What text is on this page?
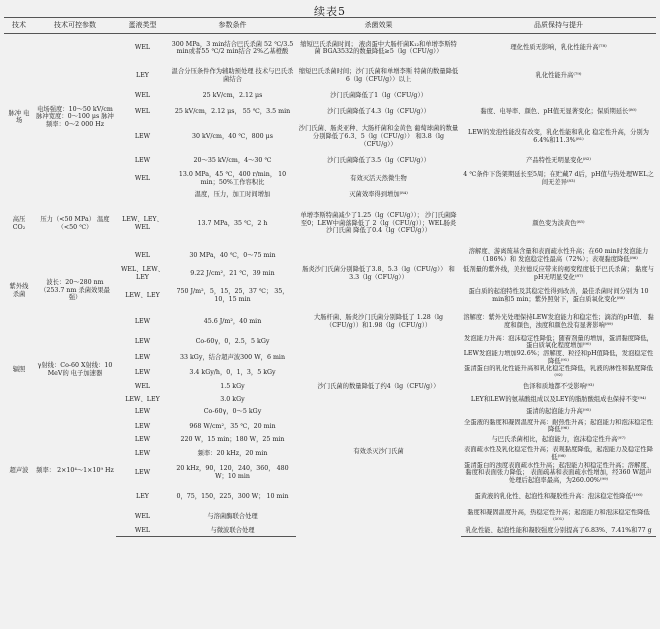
续表5
技术	技术可控参数	蛋液类型	参数条件	杀菌效果	品质保持与提升
脉冲 电场	电场强度：10～50 kV/cm 脉冲宽度：0～100 μs 脉冲频率：0～2 000 Hz	WEL	300 MPa，3 min结合巴氏杀菌 52 ℃/3.5 min或者55 ℃/2 min结合 2%乙基橙酸	缩短巴氏杀菌时间； 液卤蛋中大肠杆菌K₁₂和单增李斯特菌 BGA3532的数量降低≥5（lg（CFU/g））	理化性质无影响，乳化性能升高⁽⁷⁸⁾
		LEY	温合分压条件作为辅助预处理 技术与巴氏杀菌结合	缩短巴氏杀菌时间；沙门氏菌和单增李斯 特菌的数量降低6（lg（CFU/g））以上	乳化性能升高⁽⁷⁹⁾
		WEL	25 kV/cm，2.12 μs	沙门氏菌降低了1（lg（CFU/g））	
		WEL	25 kV/cm，2.12 μs， 55 ℃，3.5 min	沙门氏菌降低了4.3（lg（CFU/g））	黏度、电导率、颜色、pH值无显著变化；保质期延长⁽⁸⁰⁾
		LEW	30 kV/cm，40 ℃，800 μs	沙门氏菌、肠炎亚种、大肠杆菌和金黄色 葡萄球菌的数量分别降低了6.3、5（lg（CFU/g）） 和3.8（lg（CFU/g））	LEW的发泡性能没有改变，乳化性能和乳化 稳定性升高，分别为6.4%和11.3%⁽⁸¹⁾
		LEW	20～35 kV/cm，4～30 ℃	沙门氏菌降低了3.5（lg（CFU/g））	产品特性无明显变化⁽⁸²⁾
		WEL	13.0 MPa，45 ℃，400 r/min， 10 min；50%工作容积比	有效灭活天然微生物	4 ℃条件下货架期延长至5周；在贮藏7 d后，pH值与热处理WEL之间无差异⁽⁸³⁾
			温度，压力，加工时间增加	灭菌效率得到增加⁽⁸⁴⁾	
高压 CO₂	压力（<50 MPa） 温度（<50 ℃）	LEW、LEY、WEL	13.7 MPa，35 ℃，2 h	单增李斯特菌减少了1.25（lg（CFU/g））； 沙门氏菌降至0；LEW中菌落降低了 2（lg（CFU/g））；WEL肠炎沙门氏菌 降低了0.4（lg（CFU/g））	颜色变为淡黄色⁽⁸⁵⁾
紫外线 杀菌	波长：20～280 nm （253.7 nm 杀菌效果最强）	WEL	30 MPa，40 ℃，0～75 min		溶解度、游离巯基含量和表面疏水性升高；在60 min时发泡能力（186%）和 发泡稳定性最高（72%）；表观黏度降低⁽⁸⁶⁾
		WEL、LEW、LEY	9.22 J/cm²，21 ℃，39 min	肠炎沙门氏菌分别降低了3.8、5.3（lg（CFU/g）） 和3.3（lg（CFU/g））	低剂量的紫外线，美拉德反应带来的褐变程度低于巴氏杀菌； 黏度与pH无明显变化⁽⁸⁷⁾
		LEW、LEY	750 J/m²，5，15，25，37 ℃； 35，10，15 min		蛋白质的起泡特性及其稳定性得到改善，最佳杀菌时间分别为 10 min和5 min；紫外照射下，蛋白质氧化变化⁽⁸⁸⁾
		LEW	45.6 J/m²，40 min	大肠杆菌、肠炎沙门氏菌分别降低了 1.28（lg（CFU/g））和1.98（lg（CFU/g））	溶解度：紫外光处理保持LEW发泡能力和稳定性；滴消的pH值、 黏度和颜色，浊度和颜色没有显著影响⁽⁸⁹⁾
辐照	γ射线：Co-60 X射线：10 MeV的 电子加速器	LEW	Co-60γ，0，2.5，5 kGy		发泡能力升高：泡沫稳定性降低；随着剂量的增加，蛋清黏度降低，蛋白质氧化程度增加⁽⁹⁰⁾
		LEW	33 kGy，结合超声波300 W，6 min		LEW发泡能力增加92.6%；溶解度、粒径和pH值降低，发泡稳定性降低⁽⁹¹⁾
		LEW	3.4 kGy/h，0，1，3，5 kGy		蛋清蛋白的乳化性能升高和乳化稳定性降低，乳液的淋性和黏度降低⁽⁹²⁾
		WEL	1.5 kGy	沙门氏菌的数量降低了约4（lg（CFU/g））	色泽和质地都不受影响⁽⁹³⁾
		LEW、LEY	3.0 kGy		LEY和LEW的氨基酸组成以及LEY的脂肪酸组成也保持不变⁽⁹⁴⁾
超声波	频率： 2×10⁴～1×10⁹ Hz	LEW	Co-60γ，0～5 kGy		蛋清的起泡能力升高⁽⁹⁵⁾
		LEW	968 W/cm²，35 ℃，20 min	有效杀灭沙门氏菌	全蛋液的黏度和凝固温度升高：耐热性升高；起泡能力和泡沫稳定性降低⁽⁹⁶⁾
		LEW	220 W，15 min；180 W，25 min		与巴氏杀菌相比，起泡能力，泡沫稳定性升高⁽⁹⁷⁾
		LEW	频率：20 kHz，20 min		表面疏水性及乳化稳定性升高；表观黏度降低，起泡能力及稳定性降低⁽⁹⁸⁾
		LEW	20 kHz，90，120，240，360， 480 W；10 min		蛋清蛋白的浊度表面疏水性升高；起泡能力和稳定性升高；溶解度、黏度和表面张力降低； 表面疏基和表面疏水性增加，经360 W超声处理后起泡率最高，为260.00%⁽⁹⁹⁾
		LEY	0，75，150，225，300 W； 10 min		蛋黄液的乳化性、起泡性和凝胶性升高：泡沫稳定性降低⁽¹⁰⁰⁾
		WEL	与溶菌酶联合处理		黏度和凝固温度升高，热稳定性升高；起泡能力和泡沫稳定性降低⁽¹⁰¹⁾
		WEL	与微波联合处理		乳化性能、起泡性能和凝胶强度分别提高了6.83%、7.41%和77 g
